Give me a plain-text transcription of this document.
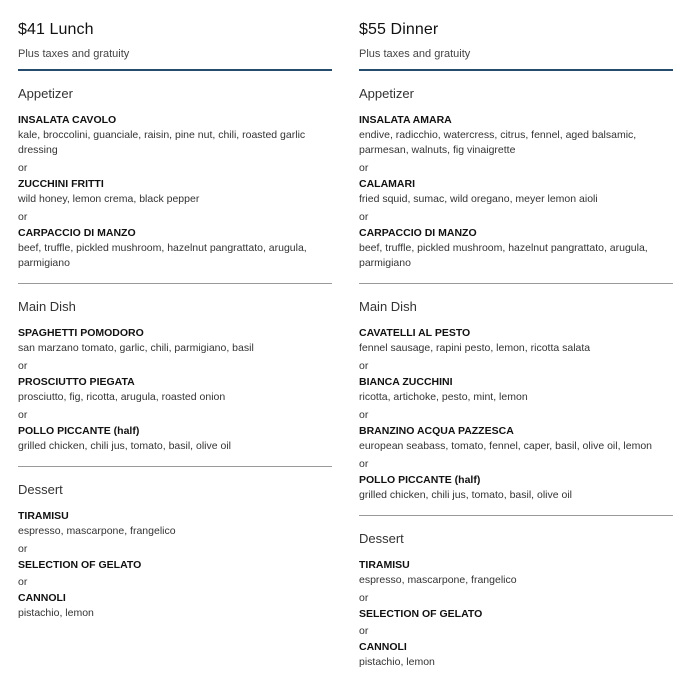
$41 Lunch
Plus taxes and gratuity
Appetizer
INSALATA CAVOLO
kale, broccolini, guanciale, raisin, pine nut, chili, roasted garlic dressing
or
ZUCCHINI FRITTI
wild honey, lemon crema, black pepper
or
CARPACCIO DI MANZO
beef, truffle, pickled mushroom, hazelnut pangrattato, arugula, parmigiano
Main Dish
SPAGHETTI POMODORO
san marzano tomato, garlic, chili, parmigiano, basil
or
PROSCIUTTO PIEGATA
prosciutto, fig, ricotta, arugula, roasted onion
or
POLLO PICCANTE (half)
grilled chicken, chili jus, tomato, basil, olive oil
Dessert
TIRAMISU
espresso, mascarpone, frangelico
or
SELECTION OF GELATO
or
CANNOLI
pistachio, lemon
$55 Dinner
Plus taxes and gratuity
Appetizer
INSALATA AMARA
endive, radicchio, watercress, citrus, fennel, aged balsamic, parmesan, walnuts, fig vinaigrette
or
CALAMARI
fried squid, sumac, wild oregano, meyer lemon aioli
or
CARPACCIO DI MANZO
beef, truffle, pickled mushroom, hazelnut pangrattato, arugula, parmigiano
Main Dish
CAVATELLI AL PESTO
fennel sausage, rapini pesto, lemon, ricotta salata
or
BIANCA ZUCCHINI
ricotta, artichoke, pesto, mint, lemon
or
BRANZINO ACQUA PAZZESCA
european seabass, tomato, fennel, caper, basil, olive oil, lemon
or
POLLO PICCANTE (half)
grilled chicken, chili jus, tomato, basil, olive oil
Dessert
TIRAMISU
espresso, mascarpone, frangelico
or
SELECTION OF GELATO
or
CANNOLI
pistachio, lemon
